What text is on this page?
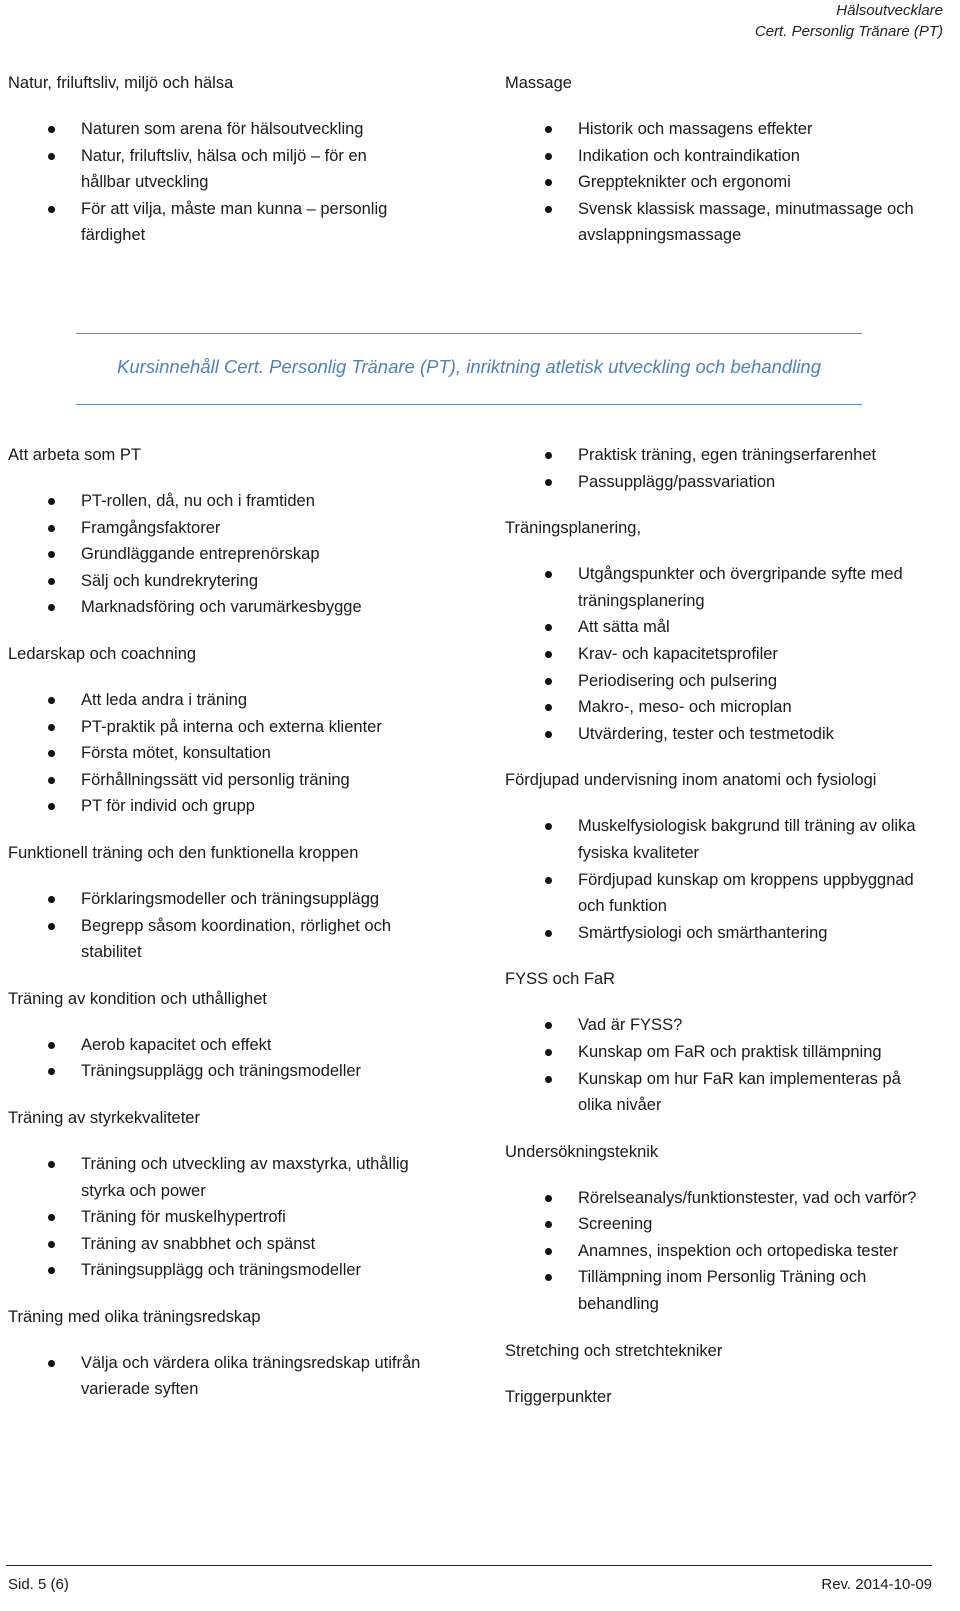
Hälsoutvecklare
Cert. Personlig Tränare (PT)
Natur, friluftsliv, miljö och hälsa
Naturen som arena för hälsoutveckling
Natur, friluftsliv, hälsa och miljö – för en hållbar utveckling
För att vilja, måste man kunna – personlig färdighet
Massage
Historik och massagens effekter
Indikation och kontraindikation
Greppteknikter och ergonomi
Svensk klassisk massage, minutmassage och avslappningsmassage
Kursinnehåll Cert. Personlig Tränare (PT), inriktning atletisk utveckling och behandling
Att arbeta som PT
PT-rollen, då, nu och i framtiden
Framgångsfaktorer
Grundläggande entreprenörskap
Sälj och kundrekrytering
Marknadsföring och varumärkesbygge
Ledarskap och coachning
Att leda andra i träning
PT-praktik på interna och externa klienter
Första mötet, konsultation
Förhållningssätt vid personlig träning
PT för individ och grupp
Funktionell träning och den funktionella kroppen
Förklaringsmodeller och träningsupplägg
Begrepp såsom koordination, rörlighet och stabilitet
Träning av kondition och uthållighet
Aerob kapacitet och effekt
Träningsupplägg och träningsmodeller
Träning av styrkekvaliteter
Träning och utveckling av maxstyrka, uthållig styrka och power
Träning för muskelhypertrofi
Träning av snabbhet och spänst
Träningsupplägg och träningsmodeller
Träning med olika träningsredskap
Välja och värdera olika träningsredskap utifrån varierade syften
Praktisk träning, egen träningserfarenhet
Passupplägg/passvariation
Träningsplanering,
Utgångspunkter och övergripande syfte med träningsplanering
Att sätta mål
Krav- och kapacitetsprofiler
Periodisering och pulsering
Makro-, meso- och microplan
Utvärdering, tester och testmetodik
Fördjupad undervisning inom anatomi och fysiologi
Muskelfysiologisk bakgrund till träning av olika fysiska kvaliteter
Fördjupad kunskap om kroppens uppbyggnad och funktion
Smärtfysiologi och smärthantering
FYSS och FaR
Vad är FYSS?
Kunskap om FaR och praktisk tillämpning
Kunskap om hur FaR kan implementeras på olika nivåer
Undersökningsteknik
Rörelseanalys/funktionstester, vad och varför?
Screening
Anamnes, inspektion och ortopediska tester
Tillämpning inom Personlig Träning och behandling
Stretching och stretchtekniker
Triggerpunkter
Sid. 5 (6)	Rev. 2014-10-09
